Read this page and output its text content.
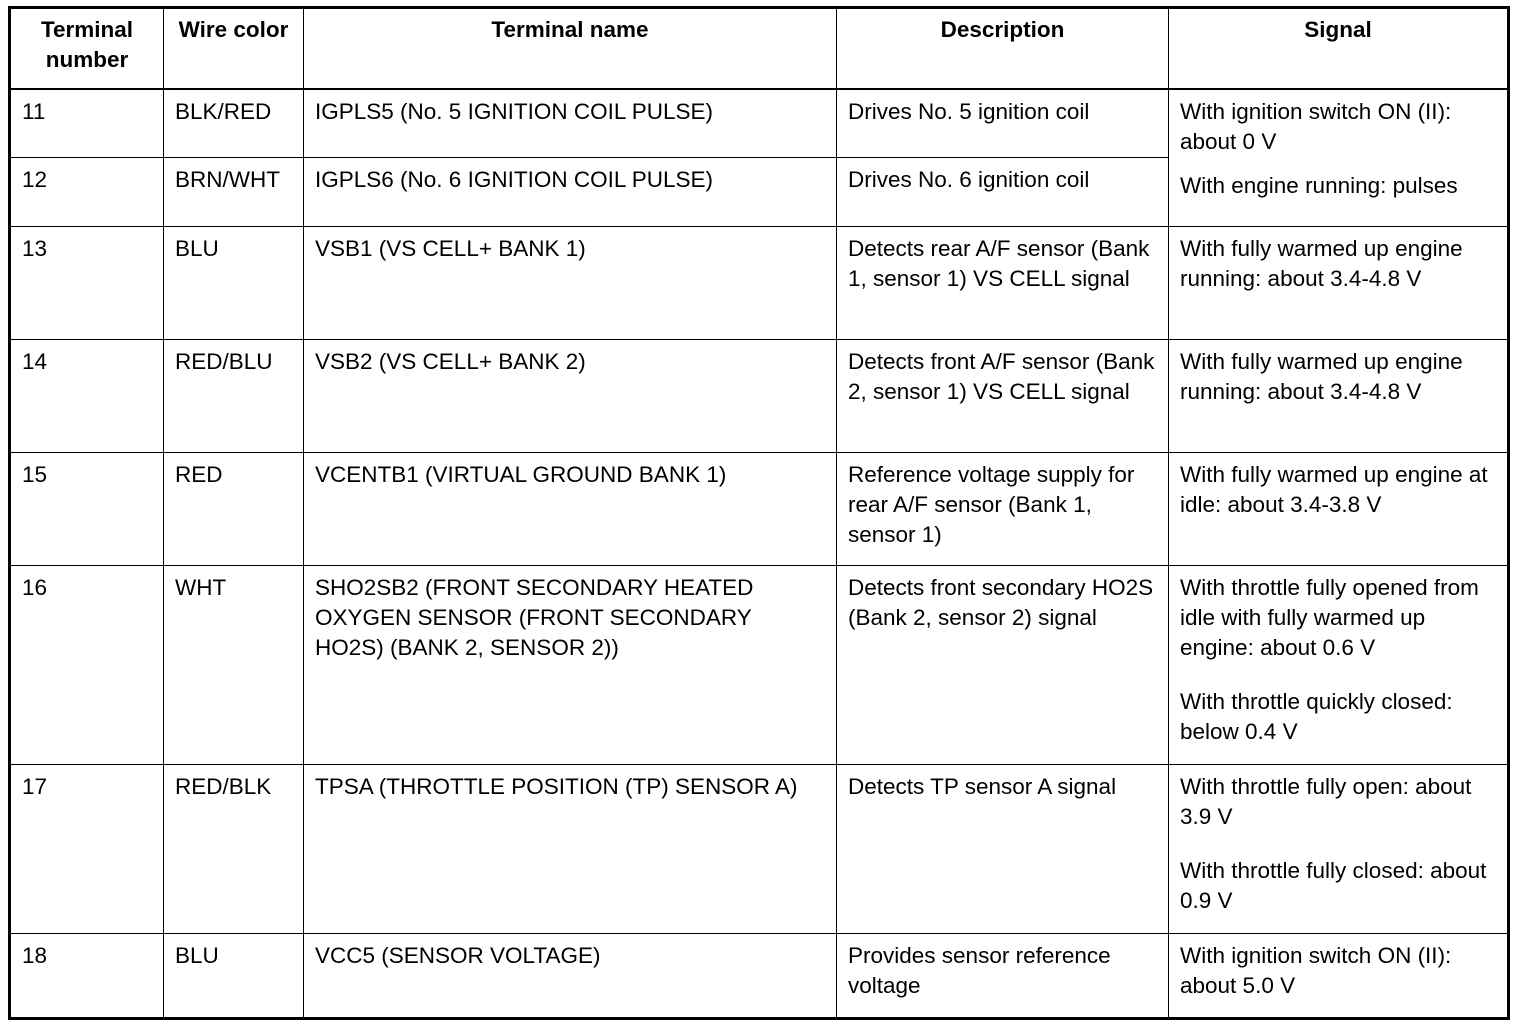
Terminal number	Wire color	Terminal name	Description	Signal
11	BLK/RED	IGPLS5 (No. 5 IGNITION COIL PULSE)	Drives No. 5 ignition coil	With ignition switch ON (II): about 0 V
With engine running: pulses

12	BRN/WHT	IGPLS6 (No. 6 IGNITION COIL PULSE)	Drives No. 6 ignition coil	
13	BLU	VSB1 (VS CELL+ BANK 1)	Detects rear A/F sensor (Bank 1, sensor 1) VS CELL signal	With fully warmed up engine running: about 3.4-4.8 V

14	RED/BLU	VSB2 (VS CELL+ BANK 2)	Detects front A/F sensor (Bank 2, sensor 1) VS CELL signal	With fully warmed up engine running: about 3.4-4.8 V

15	RED	VCENTB1 (VIRTUAL GROUND BANK 1)	Reference voltage supply for rear A/F sensor (Bank 1, sensor 1)	With fully warmed up engine at idle: about 3.4-3.8 V

16	WHT	SHO2SB2 (FRONT SECONDARY HEATED OXYGEN SENSOR (FRONT SECONDARY HO2S) (BANK 2, SENSOR 2))	Detects front secondary HO2S (Bank 2, sensor 2) signal	With throttle fully opened from idle with fully warmed up engine: about 0.6 V
With throttle quickly closed: below 0.4 V

17	RED/BLK	TPSA (THROTTLE POSITION (TP) SENSOR A)	Detects TP sensor A signal	With throttle fully open: about 3.9 V
With throttle fully closed: about 0.9 V

18	BLU	VCC5 (SENSOR VOLTAGE)	Provides sensor reference voltage	With ignition switch ON (II): about 5.0 V
